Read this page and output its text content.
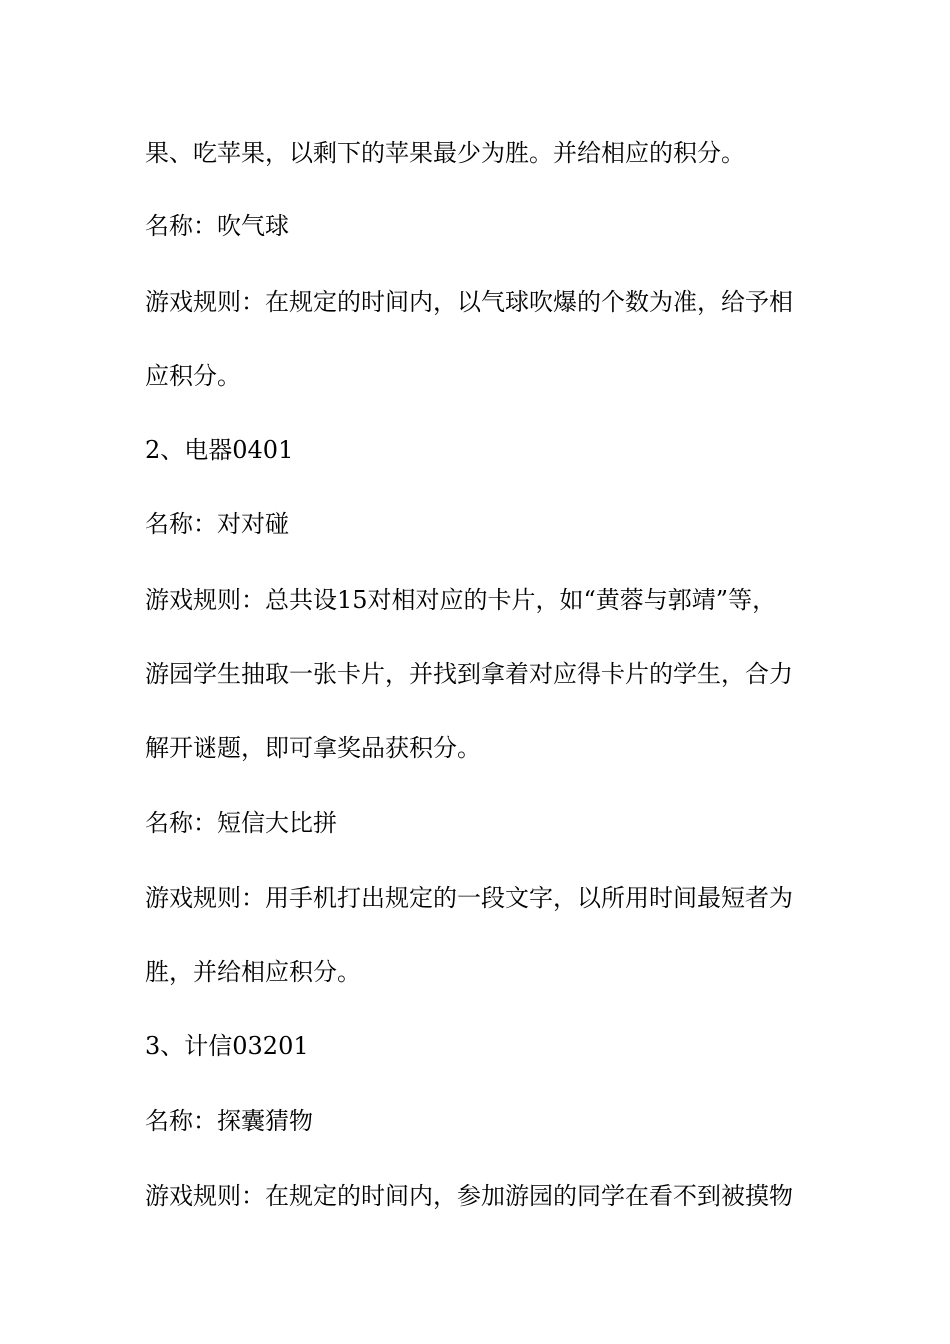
果、吃苹果，以剩下的苹果最少为胜。并给相应的积分。
名称：吹气球
游戏规则：在规定的时间内，以气球吹爆的个数为准，给予相
应积分。
2、电器0401
名称：对对碰
游戏规则：总共设15对相对应的卡片，如“黄蓉与郭靖”等，
游园学生抽取一张卡片，并找到拿着对应得卡片的学生，合力
解开谜题，即可拿奖品获积分。
名称：短信大比拼
游戏规则：用手机打出规定的一段文字，以所用时间最短者为
胜，并给相应积分。
3、计信03201
名称：探囊猜物
游戏规则：在规定的时间内，参加游园的同学在看不到被摸物
